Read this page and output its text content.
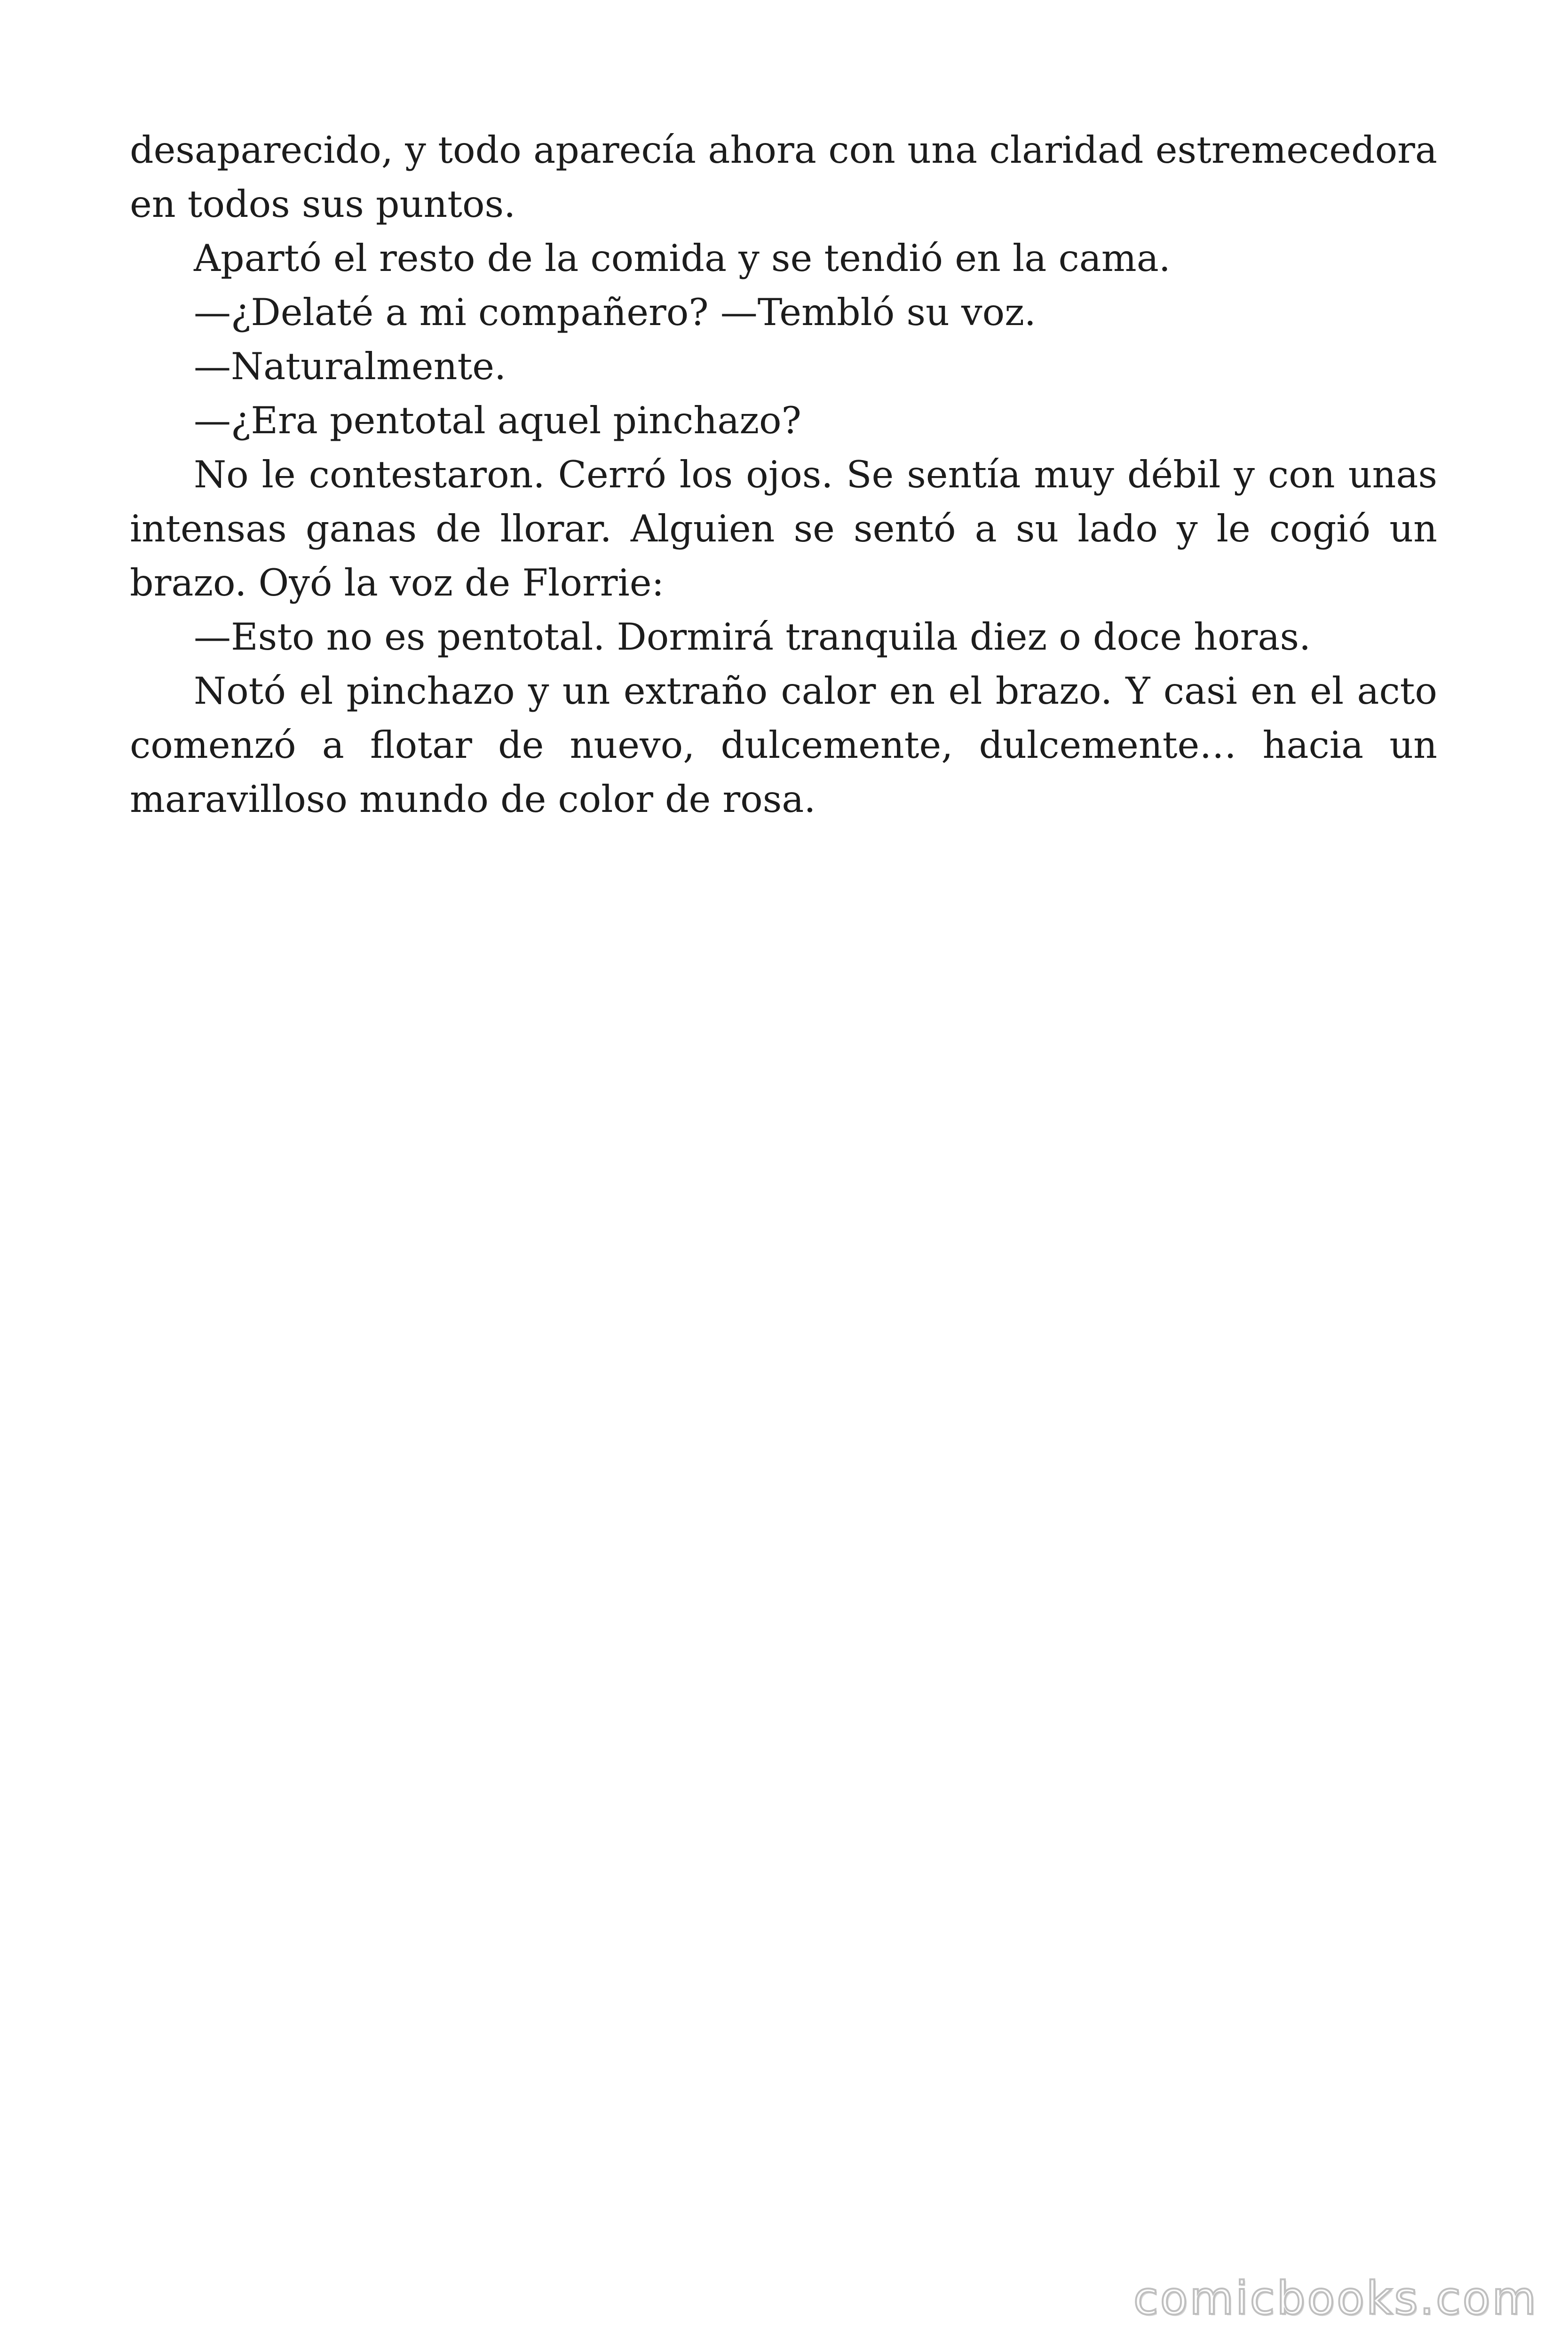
desaparecido, y todo aparecía ahora con una claridad estremecedora en todos sus puntos.

Apartó el resto de la comida y se tendió en la cama.

—¿Delaté a mi compañero? —Tembló su voz.

—Naturalmente.

—¿Era pentotal aquel pinchazo?

No le contestaron. Cerró los ojos. Se sentía muy débil y con unas intensas ganas de llorar. Alguien se sentó a su lado y le cogió un brazo. Oyó la voz de Florrie:

—Esto no es pentotal. Dormirá tranquila diez o doce horas.

Notó el pinchazo y un extraño calor en el brazo. Y casi en el acto comenzó a flotar de nuevo, dulcemente, dulcemente… hacia un maravilloso mundo de color de rosa.

comicbooks.com
